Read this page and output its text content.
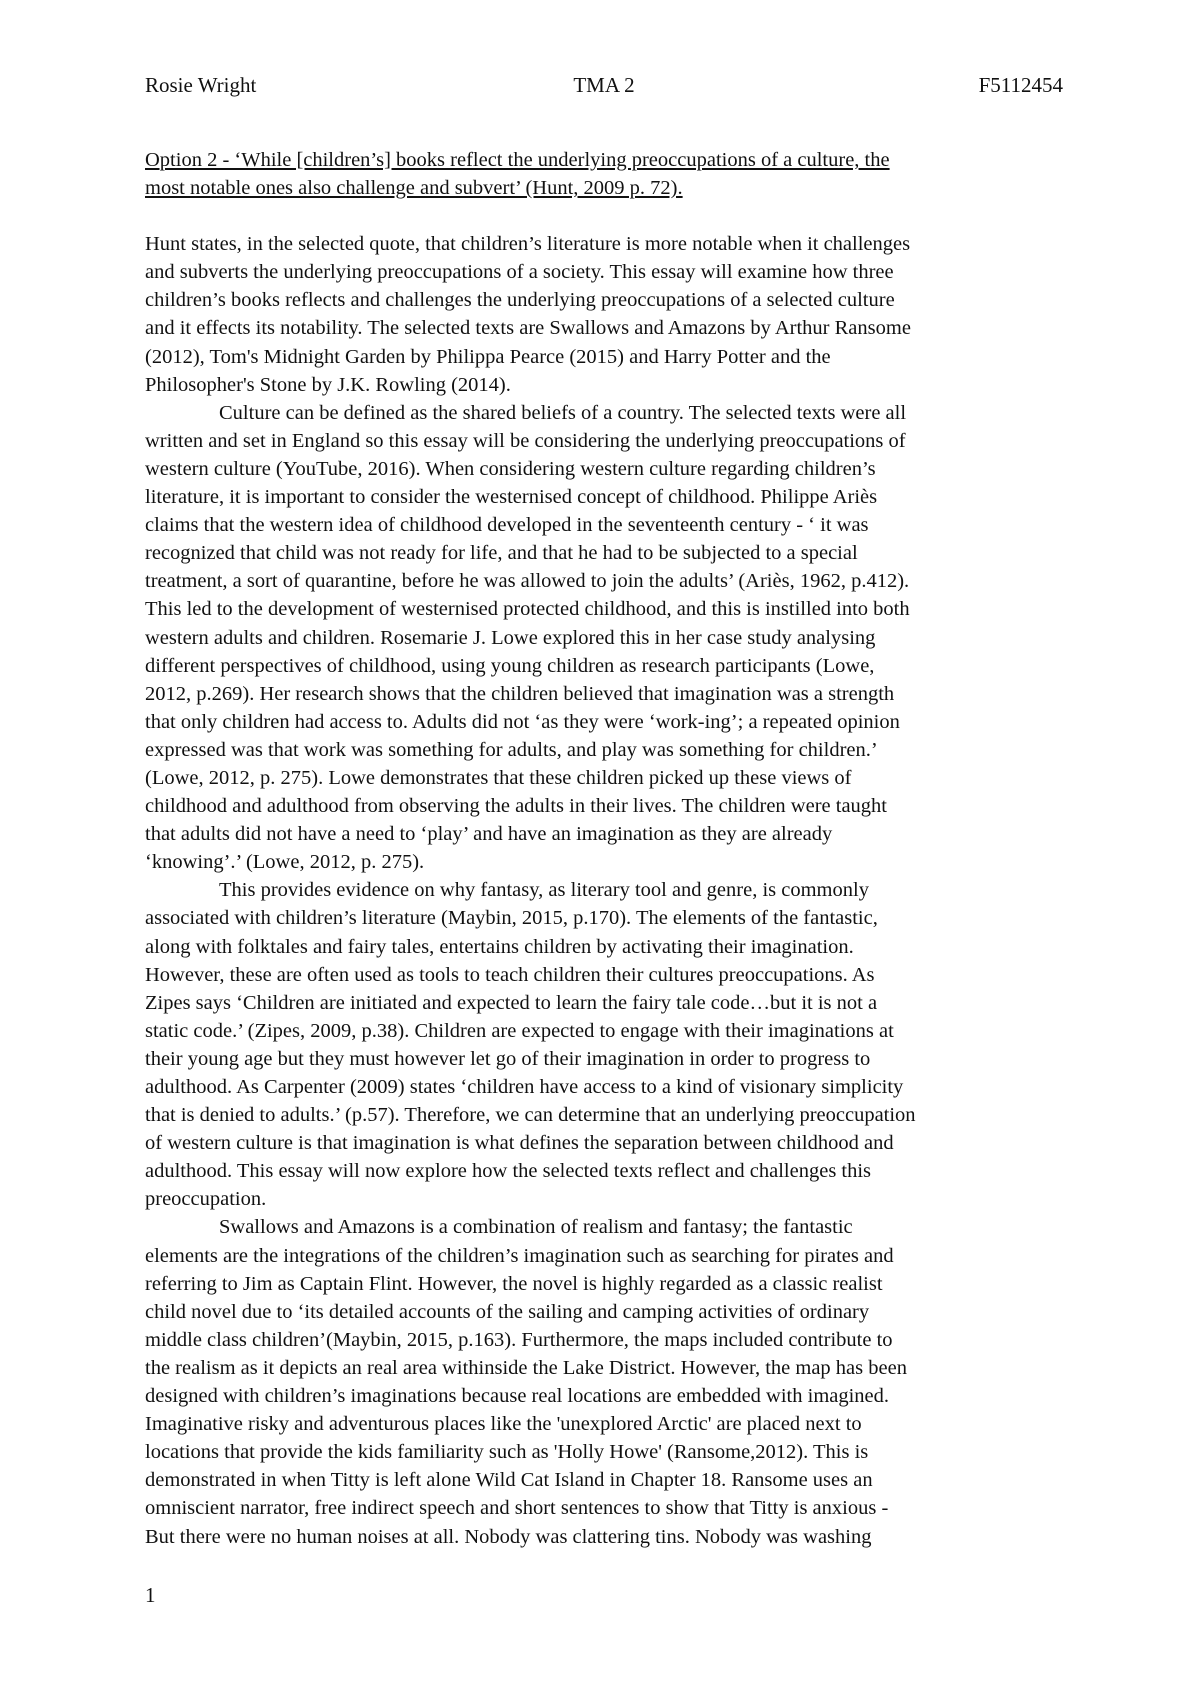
Rosie Wright	TMA 2	F5112454
Option 2 - ‘While [children’s] books reflect the underlying preoccupations of a culture, the
most notable ones also challenge and subvert’ (Hunt, 2009 p. 72).

Hunt states, in the selected quote, that children’s literature is more notable when it challenges
and subverts the underlying preoccupations of a society. This essay will examine how three
children’s books reflects and challenges the underlying preoccupations of a selected culture
and it effects its notability. The selected texts are Swallows and Amazons by Arthur Ransome
(2012), Tom's Midnight Garden by Philippa Pearce (2015) and Harry Potter and the
Philosopher's Stone by J.K. Rowling (2014).

Culture can be defined as the shared beliefs of a country. The selected texts were all
written and set in England so this essay will be considering the underlying preoccupations of
western culture (YouTube, 2016). When considering western culture regarding children’s
literature, it is important to consider the westernised concept of childhood. Philippe Ariès
claims that the western idea of childhood developed in the seventeenth century - ‘ it was
recognized that child was not ready for life, and that he had to be subjected to a special
treatment, a sort of quarantine, before he was allowed to join the adults’ (Ariès, 1962, p.412).
This led to the development of westernised protected childhood, and this is instilled into both
western adults and children. Rosemarie J. Lowe explored this in her case study analysing
different perspectives of childhood, using young children as research participants (Lowe,
2012, p.269). Her research shows that the children believed that imagination was a strength
that only children had access to. Adults did not ‘as they were ‘work-ing’; a repeated opinion
expressed was that work was something for adults, and play was something for children.’
(Lowe, 2012, p. 275). Lowe demonstrates that these children picked up these views of
childhood and adulthood from observing the adults in their lives. The children were taught
that adults did not have a need to ‘play’ and have an imagination as they are already
‘knowing’.’ (Lowe, 2012, p. 275).

This provides evidence on why fantasy, as literary tool and genre, is commonly
associated with children’s literature (Maybin, 2015, p.170). The elements of the fantastic,
along with folktales and fairy tales, entertains children by activating their imagination.
However, these are often used as tools to teach children their cultures preoccupations. As
Zipes says ‘Children are initiated and expected to learn the fairy tale code…but it is not a
static code.’ (Zipes, 2009, p.38). Children are expected to engage with their imaginations at
their young age but they must however let go of their imagination in order to progress to
adulthood. As Carpenter (2009) states ‘children have access to a kind of visionary simplicity
that is denied to adults.’ (p.57). Therefore, we can determine that an underlying preoccupation
of western culture is that imagination is what defines the separation between childhood and
adulthood. This essay will now explore how the selected texts reflect and challenges this
preoccupation.

Swallows and Amazons is a combination of realism and fantasy; the fantastic
elements are the integrations of the children’s imagination such as searching for pirates and
referring to Jim as Captain Flint. However, the novel is highly regarded as a classic realist
child novel due to ‘its detailed accounts of the sailing and camping activities of ordinary
middle class children’(Maybin, 2015, p.163). Furthermore, the maps included contribute to
the realism as it depicts an real area withinside the Lake District. However, the map has been
designed with children’s imaginations because real locations are embedded with imagined.
Imaginative risky and adventurous places like the 'unexplored Arctic' are placed next to
locations that provide the kids familiarity such as 'Holly Howe' (Ransome,2012). This is
demonstrated in when Titty is left alone Wild Cat Island in Chapter 18. Ransome uses an
omniscient narrator, free indirect speech and short sentences to show that Titty is anxious -
But there were no human noises at all. Nobody was clattering tins. Nobody was washing

1
